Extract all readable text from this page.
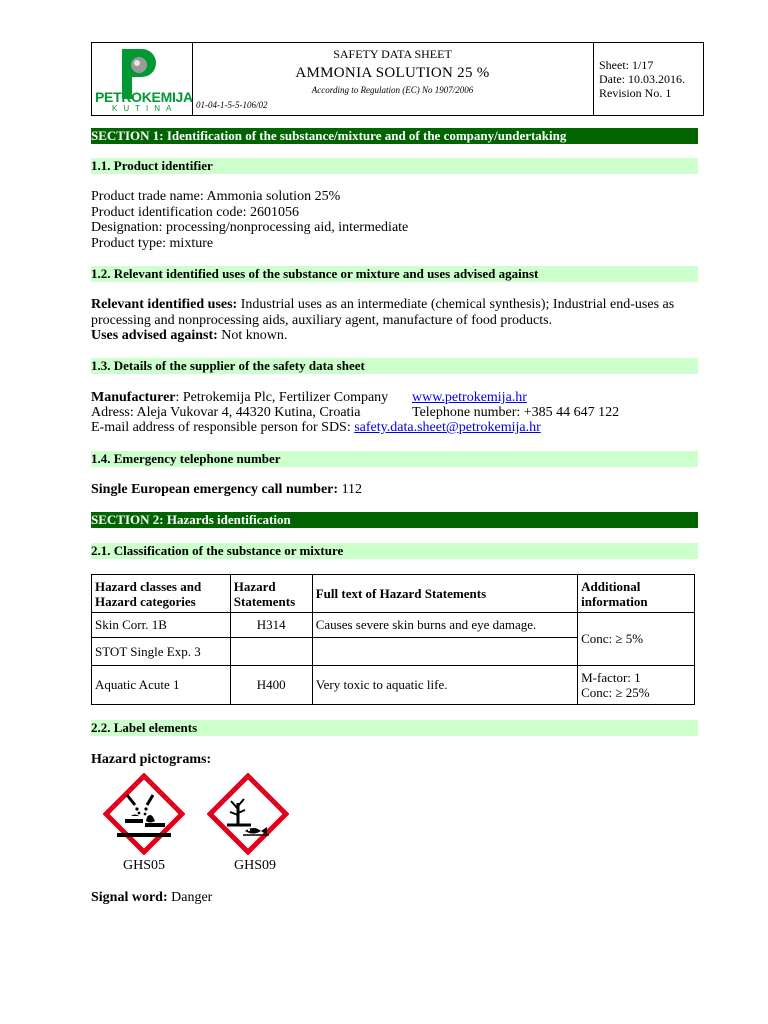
PETROKEMIJA
KUTINA
SAFETY DATA SHEET
AMMONIA SOLUTION 25 %
According to Regulation (EC) No 1907/2006
01-04-1-5-5-106/02
Sheet: 1/17
Date: 10.03.2016.
Revision No. 1
SECTION 1: Identification of the substance/mixture and of the company/undertaking
1.1. Product identifier
Product trade name: Ammonia solution 25%
Product identification code: 2601056
Designation: processing/nonprocessing aid, intermediate
Product type: mixture
1.2. Relevant identified uses of the substance or mixture and uses advised against
Relevant identified uses: Industrial uses as an intermediate (chemical synthesis); Industrial end-uses as
processing and nonprocessing aids, auxiliary agent, manufacture of food products.
Uses advised against: Not known.
1.3. Details of the supplier of the safety data sheet
Manufacturer: Petrokemija Plc, Fertilizer Company www.petrokemija.hr
Adress: Aleja Vukovar 4, 44320 Kutina, Croatia	Telephone number: +385 44 647 122
E-mail address of responsible person for SDS: safety.data.sheet@petrokemija.hr
1.4. Emergency telephone number
Single European emergency call number: 112
SECTION 2: Hazards identification
2.1. Classification of the substance or mixture
Hazard classes and Hazard categories	Hazard Statements	Full text of Hazard Statements	Additional information
Skin Corr. 1B	H314	Causes severe skin burns and eye damage.	Conc: ≥ 5%
STOT Single Exp. 3			
Aquatic Acute 1	H400	Very toxic to aquatic life.	M-factor: 1
Conc: ≥ 25%
2.2. Label elements
Hazard pictograms:
GHS05	GHS09
Signal word: Danger
